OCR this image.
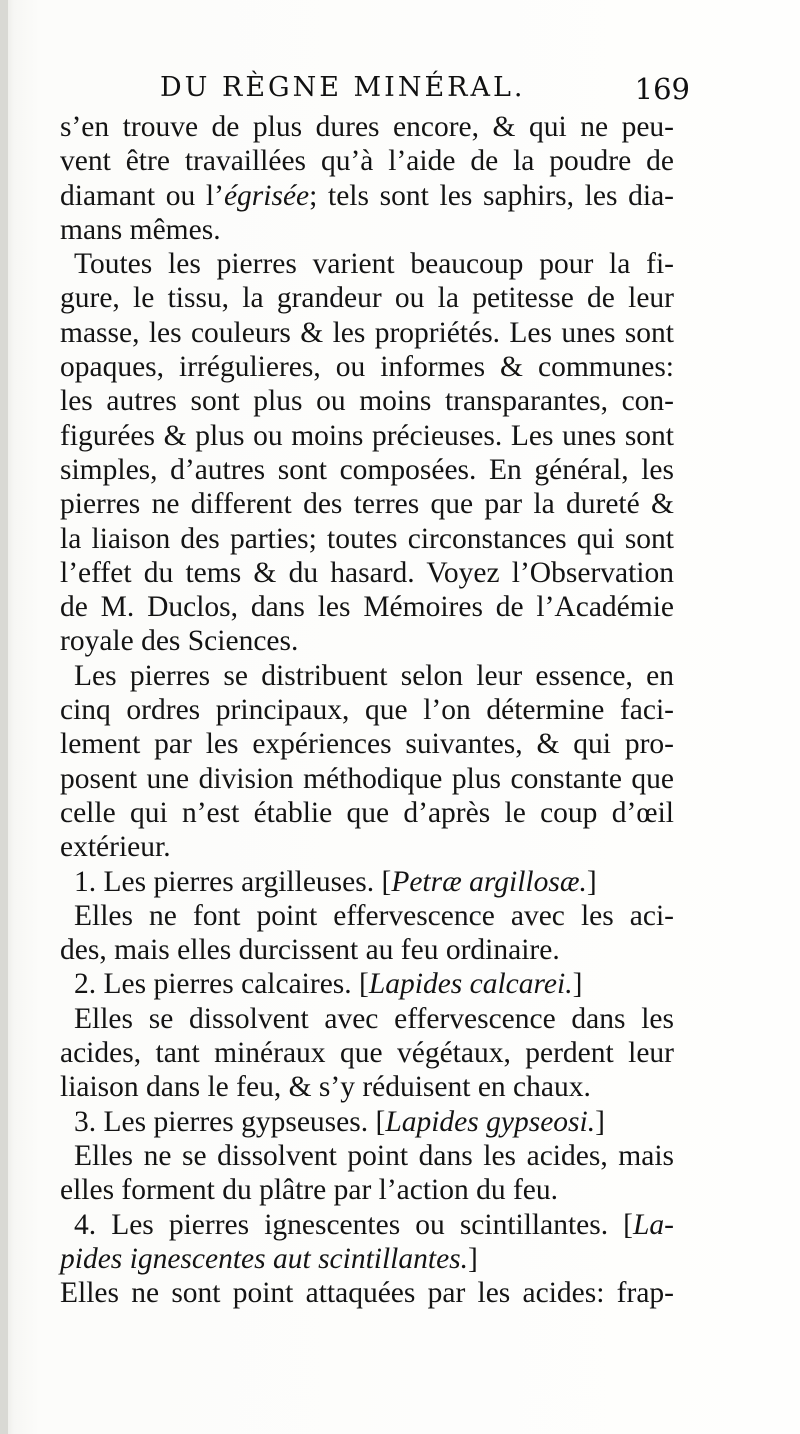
DU RÈGNE MINÉRAL.	169
s’en trouve de plus dures encore, & qui ne peu-
vent être travaillées qu’à l’aide de la poudre de
diamant ou l’égrisée; tels sont les saphirs, les dia-
mans mêmes.
Toutes les pierres varient beaucoup pour la fi-
gure, le tissu, la grandeur ou la petitesse de leur
masse, les couleurs & les propriétés. Les unes sont
opaques, irrégulieres, ou informes & communes:
les autres sont plus ou moins transparantes, con-
figurées & plus ou moins précieuses. Les unes sont
simples, d’autres sont composées. En général, les
pierres ne different des terres que par la dureté &
la liaison des parties; toutes circonstances qui sont
l’effet du tems & du hasard. Voyez l’Observation
de M. Duclos, dans les Mémoires de l’Académie
royale des Sciences.
Les pierres se distribuent selon leur essence, en
cinq ordres principaux, que l’on détermine faci-
lement par les expériences suivantes, & qui pro-
posent une division méthodique plus constante que
celle qui n’est établie que d’après le coup d’œil
extérieur.
1. Les pierres argilleuses. [Petræ argillosæ.]
Elles ne font point effervescence avec les aci-
des, mais elles durcissent au feu ordinaire.
2. Les pierres calcaires. [Lapides calcarei.]
Elles se dissolvent avec effervescence dans les
acides, tant minéraux que végétaux, perdent leur
liaison dans le feu, & s’y réduisent en chaux.
3. Les pierres gypseuses. [Lapides gypseosi.]
Elles ne se dissolvent point dans les acides, mais
elles forment du plâtre par l’action du feu.
4. Les pierres ignescentes ou scintillantes. [La-
pides ignescentes aut scintillantes.]
Elles ne sont point attaquées par les acides: frap-
